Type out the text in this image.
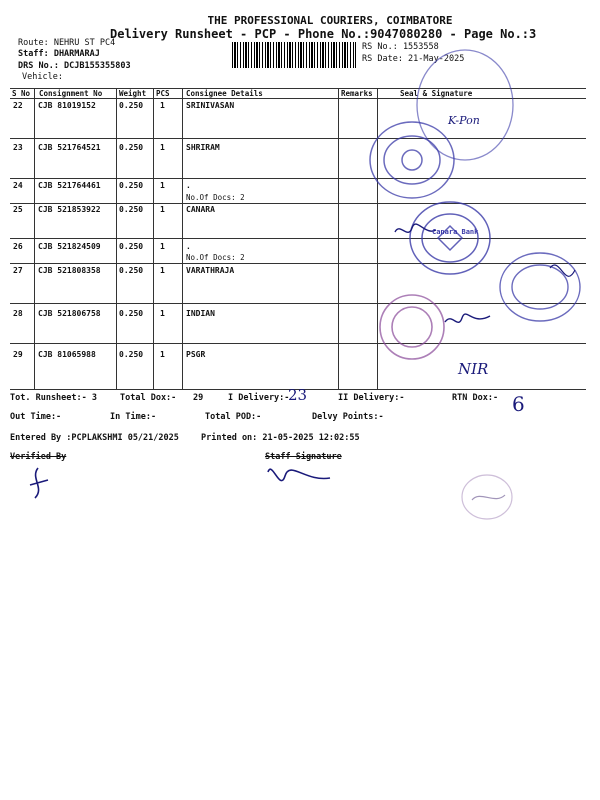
THE PROFESSIONAL COURIERS, COIMBATORE
Delivery Runsheet - PCP - Phone No.:9047080280 - Page No.:3
Route: NEHRU ST PC4
Staff: DHARMARAJ
DRS No.: DCJB155355803
Vehicle:
RS No.: 1553558
RS Date: 21-May-2025
S No Consignment No Weight PCS Consignee Details	Remarks	Seal & Signature
22 CJB 81019152	0.250 1	SRINIVASAN
23 CJB 521764521 0.250 1	SHRIRAM
24 CJB 521764461 0.250 1	.
No.Of Docs: 2
25 CJB 521853922 0.250 1	CANARA
26 CJB 521824509 0.250 1	.
No.Of Docs: 2
27 CJB 521808358 0.250 1	VARATHRAJA
28 CJB 521806758 0.250 1	INDIAN
29 CJB 81065988	0.250 1	PSGR
K-Pon
Canara Bank
NIR
Tot. Runsheet:- 3	Total Dox:- 29	I Delivery:-
23	II Delivery:-	RTN Dox:- 6
Out Time:-	In Time:-	Total POD:-	Delvy Points:-
Entered By :PCPLAKSHMI 05/21/2025	Printed on: 21-05-2025 12:02:55
Verified By	Staff Signature
